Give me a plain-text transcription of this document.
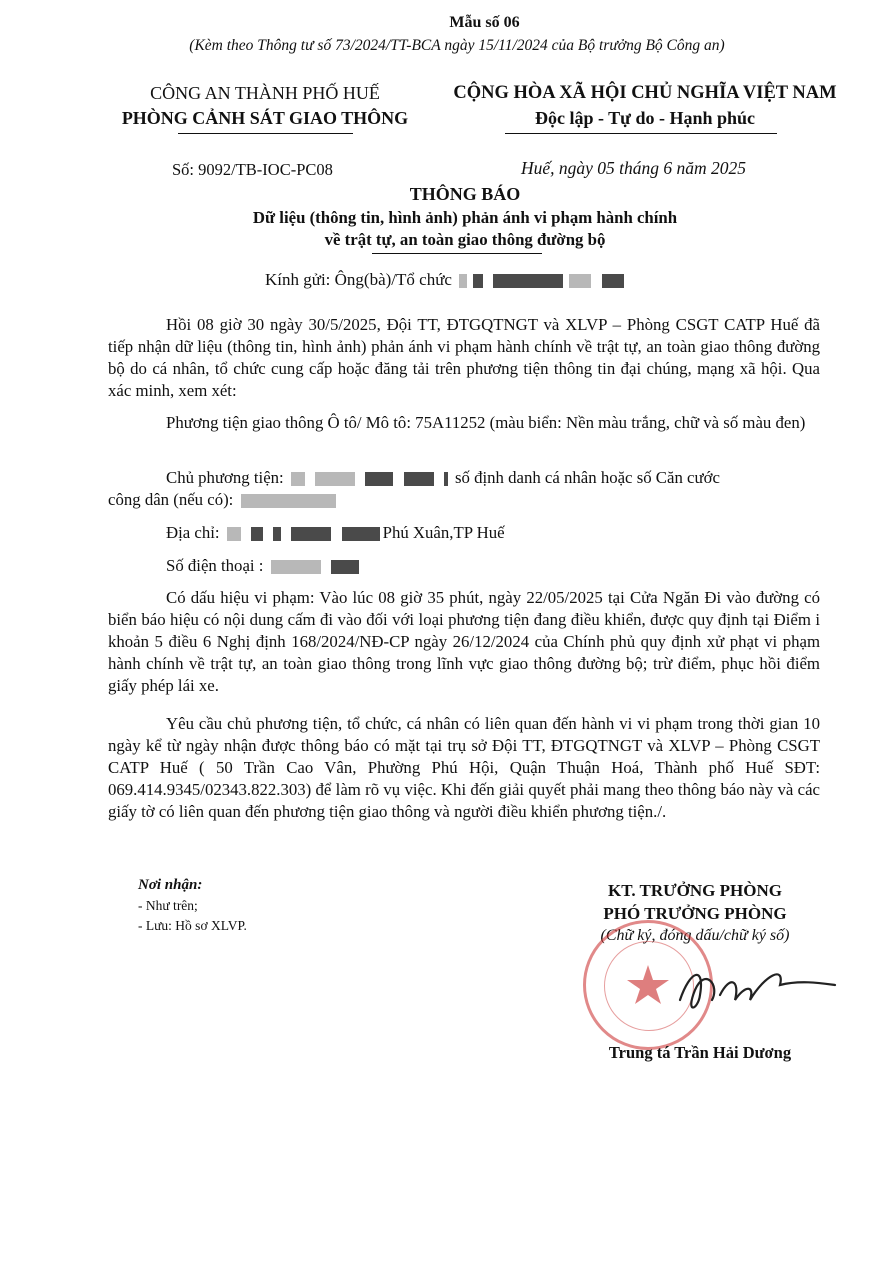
Mẫu số 06
(Kèm theo Thông tư số 73/2024/TT-BCA ngày 15/11/2024 của Bộ trưởng Bộ Công an)
CÔNG AN THÀNH PHỐ HUẾ
PHÒNG CẢNH SÁT GIAO THÔNG
CỘNG HÒA XÃ HỘI CHỦ NGHĨA VIỆT NAM
Độc lập - Tự do - Hạnh phúc
Số: 9092/TB-IOC-PC08	Huế, ngày 05 tháng 6 năm 2025
THÔNG BÁO
Dữ liệu (thông tin, hình ảnh) phản ánh vi phạm hành chính
về trật tự, an toàn giao thông đường bộ
Kính gửi: Ông(bà)/Tổ chức
Hồi 08 giờ 30 ngày 30/5/2025, Đội TT, ĐTGQTNGT và XLVP – Phòng CSGT CATP Huế đã tiếp nhận dữ liệu (thông tin, hình ảnh) phản ánh vi phạm hành chính về trật tự, an toàn giao thông đường bộ do cá nhân, tổ chức cung cấp hoặc đăng tải trên phương tiện thông tin đại chúng, mạng xã hội. Qua xác minh, xem xét:
Phương tiện giao thông Ô tô/ Mô tô: 75A11252 (màu biển: Nền màu trắng, chữ và số màu đen)
Chủ phương tiện:	số định danh cá nhân hoặc số Căn cước
công dân (nếu có):
Địa chỉ:	Phú Xuân,TP Huế
Số điện thoại :
Có dấu hiệu vi phạm: Vào lúc 08 giờ 35 phút, ngày 22/05/2025 tại Cửa Ngăn Đi vào đường có biển báo hiệu có nội dung cấm đi vào đối với loại phương tiện đang điều khiển, được quy định tại Điểm i khoản 5 điều 6 Nghị định 168/2024/NĐ-CP ngày 26/12/2024 của Chính phủ quy định xử phạt vi phạm hành chính về trật tự, an toàn giao thông trong lĩnh vực giao thông đường bộ; trừ điểm, phục hồi điểm giấy phép lái xe.
Yêu cầu chủ phương tiện, tổ chức, cá nhân có liên quan đến hành vi vi phạm trong thời gian 10 ngày kể từ ngày nhận được thông báo có mặt tại trụ sở Đội TT, ĐTGQTNGT và XLVP – Phòng CSGT CATP Huế ( 50 Trần Cao Vân, Phường Phú Hội, Quận Thuận Hoá, Thành phố Huế SĐT: 069.414.9345/02343.822.303) để làm rõ vụ việc. Khi đến giải quyết phải mang theo thông báo này và các giấy tờ có liên quan đến phương tiện giao thông và người điều khiển phương tiện./.
Nơi nhận:
- Như trên;
- Lưu: Hồ sơ XLVP.
KT. TRƯỞNG PHÒNG
PHÓ TRƯỞNG PHÒNG
(Chữ ký, đóng dấu/chữ ký số)
Trung tá Trần Hải Dương
